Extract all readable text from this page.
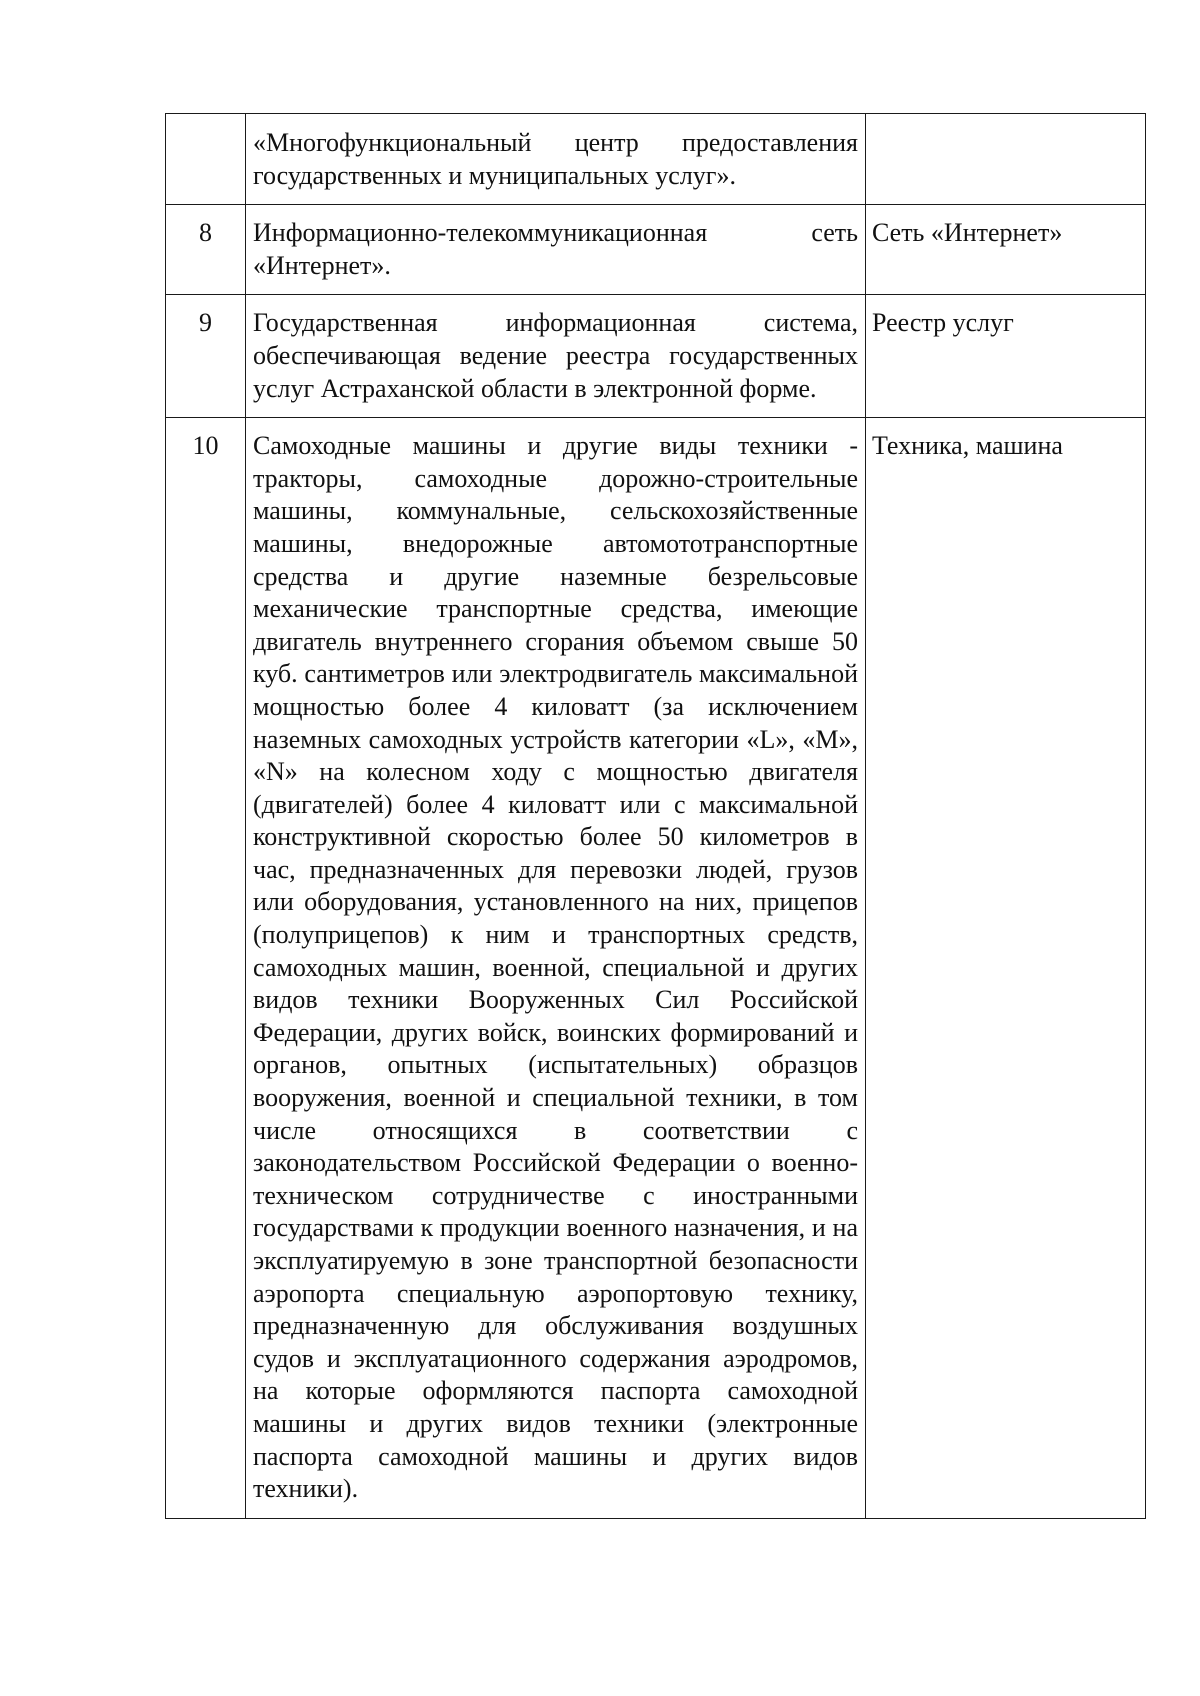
	«Многофункциональный центр предоставления государственных и муниципальных услуг».	

8	Информационно-телекоммуникационная сеть «Интернет».	Сеть «Интернет»

9	Государственная информационная система, обеспечивающая ведение реестра государственных услуг Астраханской области в электронной форме.	Реестр услуг

10	Самоходные машины и другие виды техники - тракторы, самоходные дорожно-строительные машины, коммунальные, сельскохозяйственные машины, внедорожные автомототранспортные средства и другие наземные безрельсовые механические транспортные средства, имеющие двигатель внутреннего сгорания объемом свыше 50 куб. сантиметров или электродвигатель максимальной мощностью более 4 киловатт (за исключением наземных самоходных устройств категории «L», «M», «N» на колесном ходу с мощностью двигателя (двигателей) более 4 киловатт или с максимальной конструктивной скоростью более 50 километров в час, предназначенных для перевозки людей, грузов или оборудования, установленного на них, прицепов (полуприцепов) к ним и транспортных средств, самоходных машин, военной, специальной и других видов техники Вооруженных Сил Российской Федерации, других войск, воинских формирований и органов, опытных (испытательных) образцов вооружения, военной и специальной техники, в том числе относящихся в соответствии с законодательством Российской Федерации о военно-техническом сотрудничестве с иностранными государствами к продукции военного назначения, и на эксплуатируемую в зоне транспортной безопасности аэропорта специальную аэропортовую технику, предназначенную для обслуживания воздушных судов и эксплуатационного содержания аэродромов, на которые оформляются паспорта самоходной машины и других видов техники (электронные паспорта самоходной машины и других видов техники).	Техника, машина
